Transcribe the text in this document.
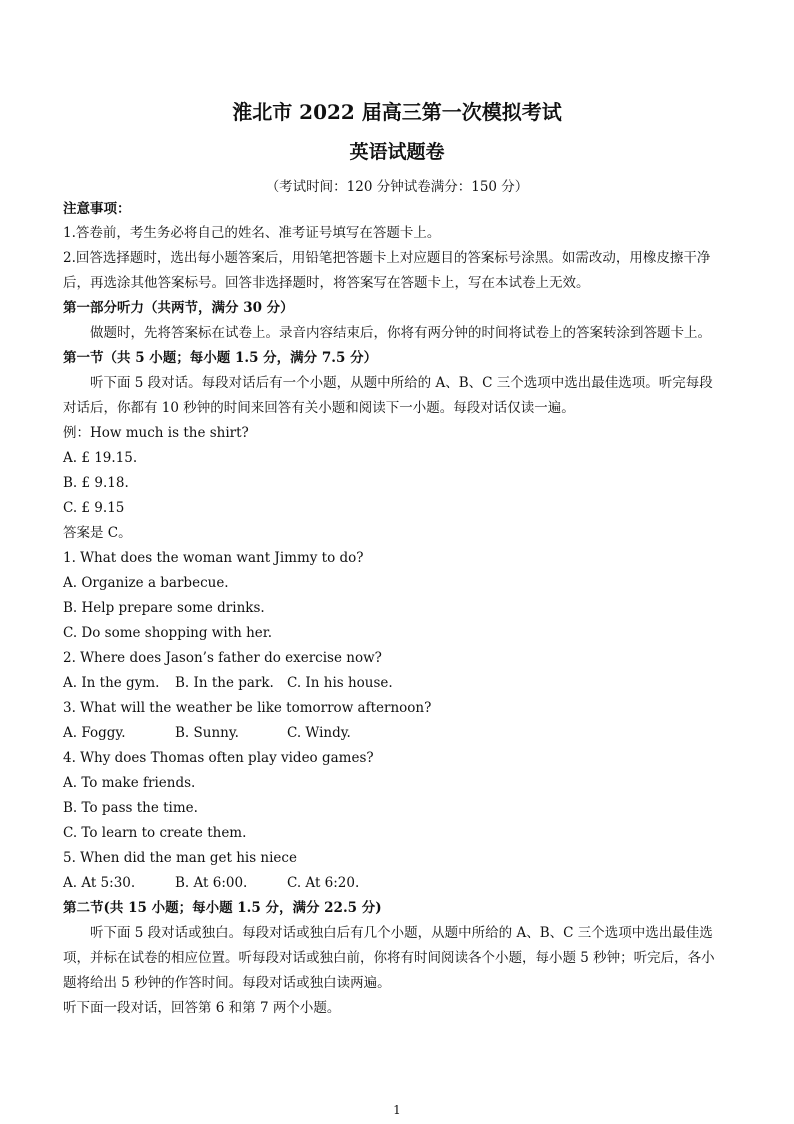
淮北市 2022 届高三第一次模拟考试
英语试题卷
（考试时间：120 分钟试卷满分：150 分）
注意事项：
1.答卷前，考生务必将自己的姓名、准考证号填写在答题卡上。
2.回答选择题时，选出每小题答案后，用铅笔把答题卡上对应题目的答案标号涂黑。如需改动，用橡皮擦干净
后，再选涂其他答案标号。回答非选择题时，将答案写在答题卡上，写在本试卷上无效。
第一部分听力（共两节，满分 30 分）
做题时，先将答案标在试卷上。录音内容结束后，你将有两分钟的时间将试卷上的答案转涂到答题卡上。
第一节（共 5 小题；每小题 1.5 分，满分 7.5 分）
听下面 5 段对话。每段对话后有一个小题，从题中所给的 A、B、C 三个选项中选出最佳选项。听完每段
对话后，你都有 10 秒钟的时间来回答有关小题和阅读下一小题。每段对话仅读一遍。
例：How much is the shirt?
A. £ 19.15.
B. £ 9.18.
C. £ 9.15
答案是 C。
1. What does the woman want Jimmy to do?
A. Organize a barbecue.
B. Help prepare some drinks.
C. Do some shopping with her.
2. Where does Jason’s father do exercise now?
A. In the gym. B. In the park. C. In his house.
3. What will the weather be like tomorrow afternoon?
A. Foggy.	B. Sunny.	C. Windy.
4. Why does Thomas often play video games?
A. To make friends.
B. To pass the time.
C. To learn to create them.
5. When did the man get his niece
A. At 5:30.	B. At 6:00.	C. At 6:20.
第二节(共 15 小题；每小题 1.5 分，满分 22.5 分)
听下面 5 段对话或独白。每段对话或独白后有几个小题，从题中所给的 A、B、C 三个选项中选出最佳选
项，并标在试卷的相应位置。听每段对话或独白前，你将有时间阅读各个小题，每小题 5 秒钟；听完后，各小
题将给出 5 秒钟的作答时间。每段对话或独白读两遍。
听下面一段对话，回答第 6 和第 7 两个小题。
1
